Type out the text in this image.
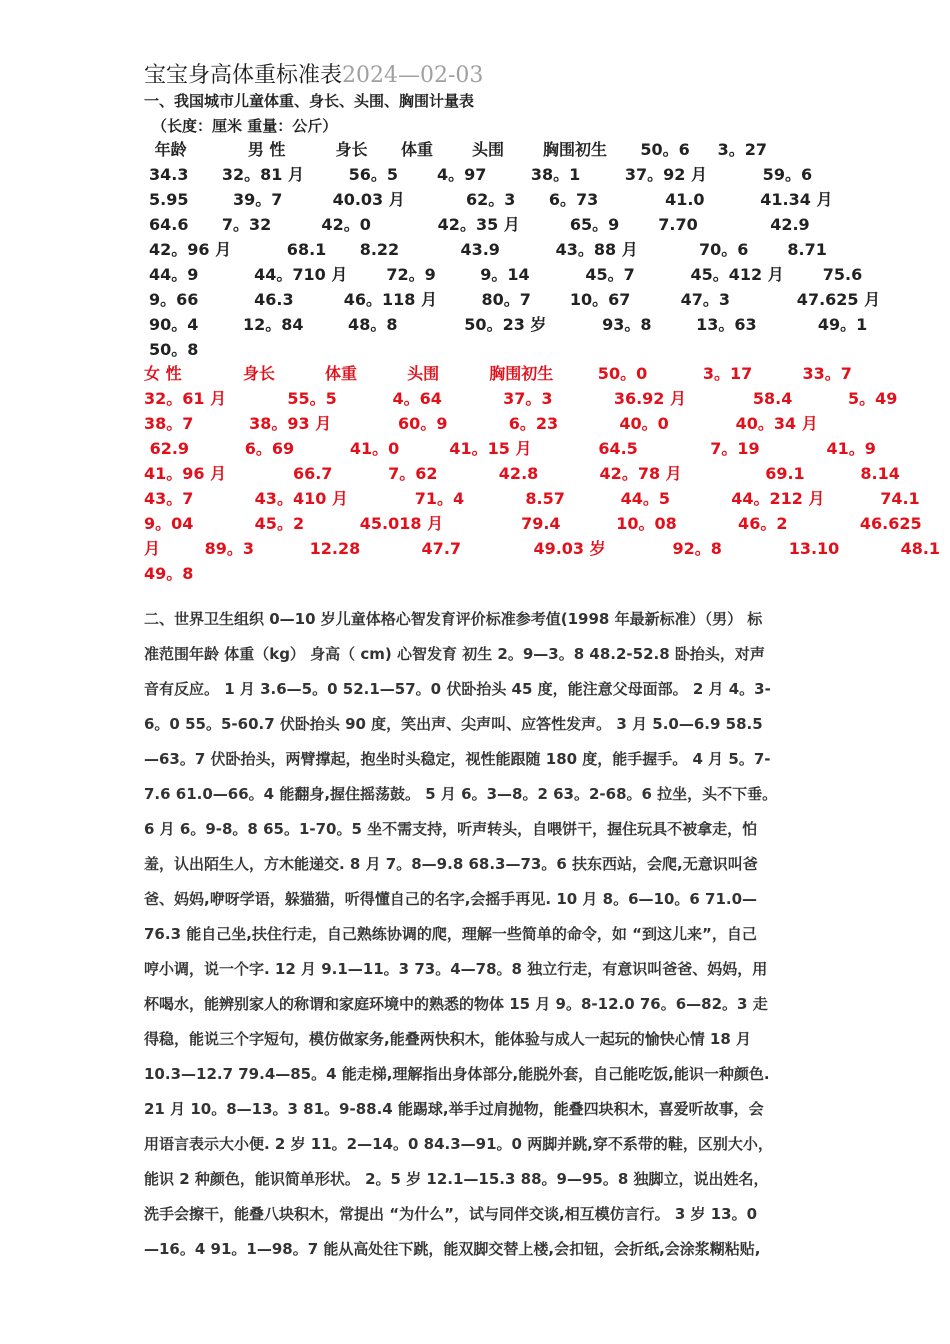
宝宝身高体重标准表2024—02-03
一、我国城市儿童体重、身长、头围、胸围计量表
（长度：厘米 重量：公斤）
年龄           男 性         身长      体重       头围       胸围初生      50。6     3。27
34.3      32。81 月        56。5       4。97        38。1        37。92 月          59。6
5.95        39。7         40.03 月           62。3      6。73            41.0          41.34 月
64.6      7。32         42。0            42。35 月         65。9       7.70             42.9
42。96 月          68.1      8.22           43.9          43。88 月           70。6       8.71
44。9          44。710 月       72。9        9。14          45。7          45。412 月       75.6
9。66          46.3         46。118 月        80。7       10。67         47。3            47.625 月
90。4        12。84        48。8            50。23 岁          93。8        13。63           49。1
50。8
女 性           身长         体重         头围         胸围初生        50。0          3。17         33。7
32。61 月           55。5          4。64           37。3           36.92 月            58.4          5。49
38。7          38。93 月            60。9           6。23           40。0            40。34 月
62.9          6。69          41。0         41。15 月            64.5             7。19            41。9
41。96 月            66.7          7。62           42.8           42。78 月               69.1          8.14
43。7           43。410 月            71。4           8.57          44。5           44。212 月          74.1
9。04           45。2          45.018 月              79.4          10。08           46。2             46.625
月        89。3          12.28           47.7             49.03 岁            92。8            13.10           48.1
49。8
二、世界卫生组织 0—10 岁儿童体格心智发育评价标准参考值(1998 年最新标准）（男） 标
准范围年龄 体重（kg） 身高（ cm) 心智发育 初生 2。9—3。8 48.2-52.8 卧抬头，对声
音有反应。 1 月 3.6—5。0 52.1—57。0 伏卧抬头 45 度，能注意父母面部。 2 月 4。3-
6。0 55。5-60.7 伏卧抬头 90 度，笑出声、尖声叫、应答性发声。 3 月 5.0—6.9 58.5
—63。7 伏卧抬头，两臂撑起，抱坐时头稳定，视性能跟随 180 度，能手握手。 4 月 5。7-
7.6 61.0—66。4 能翻身,握住摇荡鼓。 5 月 6。3—8。2 63。2-68。6 拉坐，头不下垂。
6 月 6。9-8。8 65。1-70。5 坐不需支持，听声转头，自喂饼干，握住玩具不被拿走，怕
羞，认出陌生人，方木能递交. 8 月 7。8—9.8 68.3—73。6 扶东西站，会爬,无意识叫爸
爸、妈妈,咿呀学语，躲猫猫，听得懂自己的名字,会摇手再见. 10 月 8。6—10。6 71.0—
76.3 能自己坐,扶住行走，自己熟练协调的爬，理解一些简单的命令，如 “到这儿来”，自己
哼小调，说一个字. 12 月 9.1—11。3 73。4—78。8 独立行走，有意识叫爸爸、妈妈，用
杯喝水，能辨别家人的称谓和家庭环境中的熟悉的物体 15 月 9。8-12.0 76。6—82。3 走
得稳，能说三个字短句，模仿做家务,能叠两快积木，能体验与成人一起玩的愉快心情 18 月
10.3—12.7 79.4—85。4 能走梯,理解指出身体部分,能脱外套，自己能吃饭,能识一种颜色.
21 月 10。8—13。3 81。9-88.4 能踢球,举手过肩抛物，能叠四块积木，喜爱听故事，会
用语言表示大小便. 2 岁 11。2—14。0 84.3—91。0 两脚并跳,穿不系带的鞋，区别大小，
能识 2 种颜色，能识简单形状。 2。5 岁 12.1—15.3 88。9—95。8 独脚立，说出姓名，
洗手会擦干，能叠八块积木，常提出 “为什么”，试与同伴交谈,相互模仿言行。 3 岁 13。0
—16。4 91。1—98。7 能从高处往下跳，能双脚交替上楼,会扣钮，会折纸,会涂浆糊粘贴,
